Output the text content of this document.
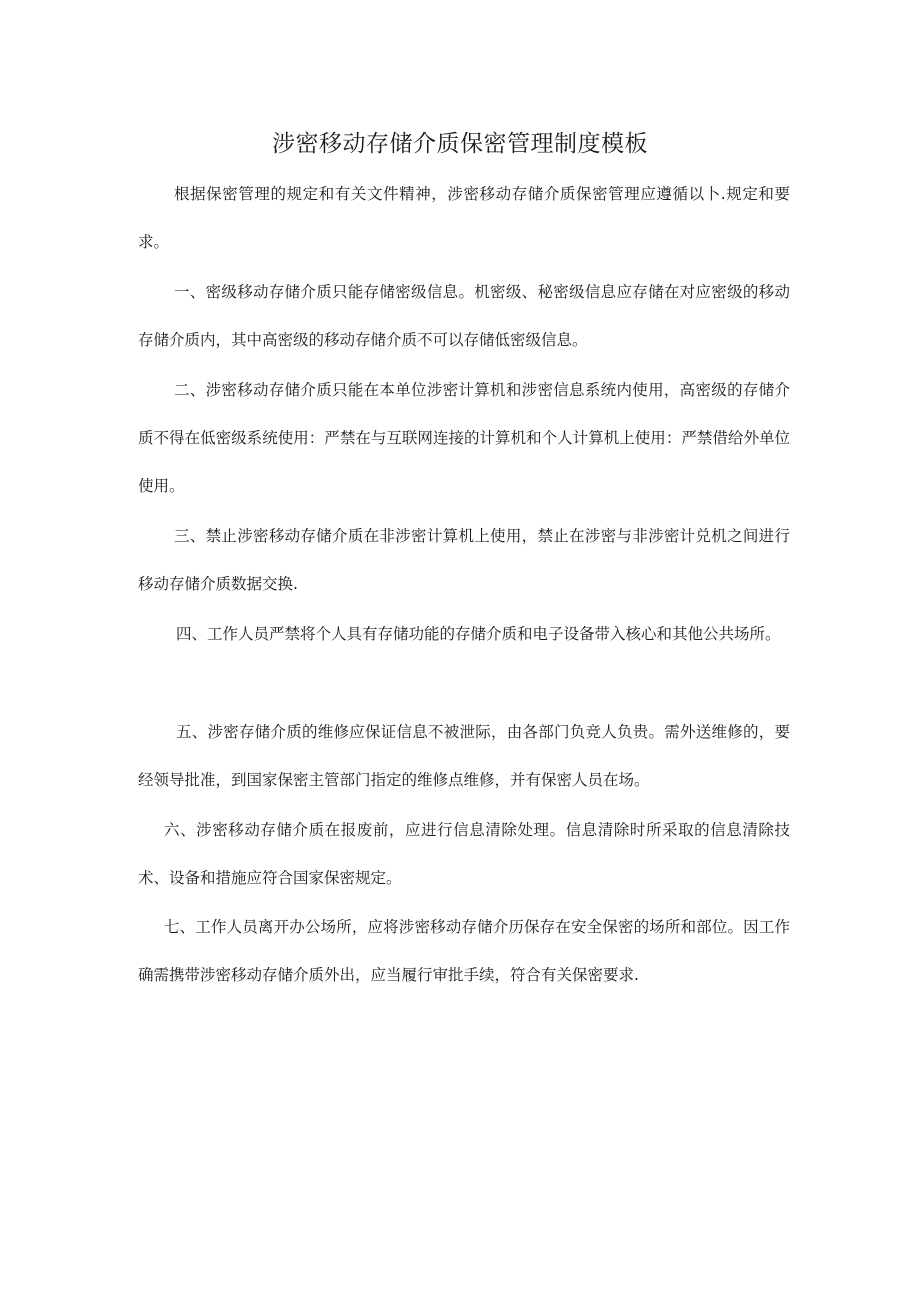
涉密移动存储介质保密管理制度模板

根据保密管理的规定和有关文件精神，涉密移动存储介质保密管理应遵循以卜.规定和要求。

一、密级移动存储介质只能存储密级信息。机密级、秘密级信息应存储在对应密级的移动存储介质内，其中高密级的移动存储介质不可以存储低密级信息。

二、涉密移动存储介质只能在本单位涉密计算机和涉密信息系统内使用，高密级的存储介质不得在低密级系统使用：严禁在与互联网连接的计算机和个人计算机上使用：严禁借给外单位使用。

三、禁止涉密移动存储介质在非涉密计算机上使用，禁止在涉密与非涉密计兑机之间进行移动存储介质数据交换.

四、工作人员严禁将个人具有存储功能的存储介质和电子设备带入核心和其他公共场所。

五、涉密存储介质的维修应保证信息不被泄际，由各部门负竞人负贵。需外送维修的，要经领导批准，到国家保密主管部门指定的维修点维修，并有保密人员在场。

六、涉密移动存储介质在报废前，应进行信息清除处理。信息清除时所采取的信息清除技术、设备和措施应符合国家保密规定。

七、工作人员离开办公场所，应将涉密移动存储介历保存在安全保密的场所和部位。因工作确需携带涉密移动存储介质外出，应当履行审批手续，符合有关保密要求.
